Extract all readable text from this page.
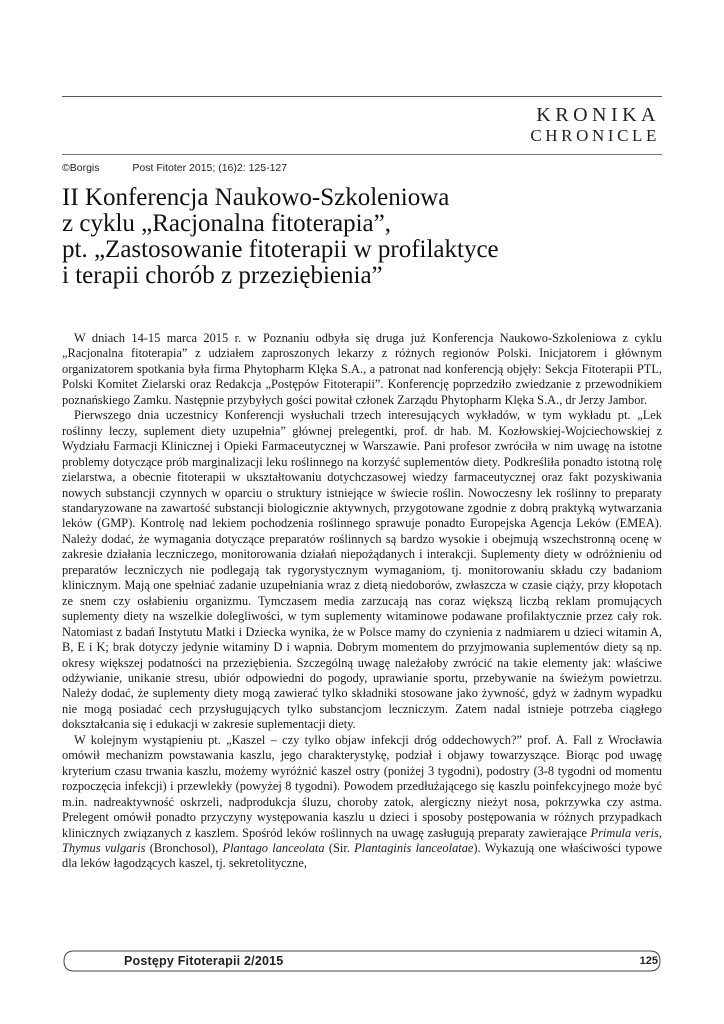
KRONIKA
CHRONICLE
©Borgis	Post Fitoter 2015; (16)2: 125-127
II Konferencja Naukowo-Szkoleniowa
z cyklu „Racjonalna fitoterapia”,
pt. „Zastosowanie fitoterapii w profilaktyce
i terapii chorób z przeziębienia”

W dniach 14-15 marca 2015 r. w Poznaniu odbyła się druga już Konferencja Naukowo-Szkoleniowa z cyklu „Racjonalna fitoterapia” z udziałem zaproszonych lekarzy z różnych regionów Polski. Inicjatorem i głównym organizatorem spotkania była firma Phytopharm Klęka S.A., a patronat nad konferencją objęły: Sekcja Fitoterapii PTL, Polski Komitet Zielarski oraz Redakcja „Postępów Fitoterapii”. Konferencję poprzedziło zwiedzanie z przewodnikiem poznańskiego Zamku. Następnie przybyłych gości powitał członek Zarządu Phytopharm Klęka S.A., dr Jerzy Jambor.

Pierwszego dnia uczestnicy Konferencji wysłuchali trzech interesujących wykładów, w tym wykładu pt. „Lek roślinny leczy, suplement diety uzupełnia” głównej prelegentki, prof. dr hab. M. Kozłowskiej-Wojciechowskiej z Wydziału Farmacji Klinicznej i Opieki Farmaceutycznej w Warszawie. Pani profesor zwróciła w nim uwagę na istotne problemy dotyczące prób marginalizacji leku roślinnego na korzyść suplementów diety. Podkreśliła ponadto istotną rolę zielarstwa, a obecnie fitoterapii w ukształtowaniu dotychczasowej wiedzy farmaceutycznej oraz fakt pozyskiwania nowych substancji czynnych w oparciu o struktury istniejące w świecie roślin. Nowoczesny lek roślinny to preparaty standaryzowane na zawartość substancji biologicznie aktywnych, przygotowane zgodnie z dobrą praktyką wytwarzania leków (GMP). Kontrolę nad lekiem pochodzenia roślinnego sprawuje ponadto Europejska Agencja Leków (EMEA). Należy dodać, że wymagania dotyczące preparatów roślinnych są bardzo wysokie i obejmują wszechstronną ocenę w zakresie działania leczniczego, monitorowania działań niepożądanych i interakcji. Suplementy diety w odróżnieniu od preparatów leczniczych nie podlegają tak rygorystycznym wymaganiom, tj. monitorowaniu składu czy badaniom klinicznym. Mają one spełniać zadanie uzupełniania wraz z dietą niedoborów, zwłaszcza w czasie ciąży, przy kłopotach ze snem czy osłabieniu organizmu. Tymczasem media zarzucają nas coraz większą liczbą reklam promujących suplementy diety na wszelkie dolegliwości, w tym suplementy witaminowe podawane profilaktycznie przez cały rok. Natomiast z badań Instytutu Matki i Dziecka wynika, że w Polsce mamy do czynienia z nadmiarem u dzieci witamin A, B, E i K; brak dotyczy jedynie witaminy D i wapnia. Dobrym momentem do przyjmowania suplementów diety są np. okresy większej podatności na przeziębienia. Szczególną uwagę należałoby zwrócić na takie elementy jak: właściwe odżywianie, unikanie stresu, ubiór odpowiedni do pogody, uprawianie sportu, przebywanie na świeżym powietrzu. Należy dodać, że suplementy diety mogą zawierać tylko składniki stosowane jako żywność, gdyż w żadnym wypadku nie mogą posiadać cech przysługujących tylko substancjom leczniczym. Zatem nadal istnieje potrzeba ciągłego dokształcania się i edukacji w zakresie suplementacji diety.

W kolejnym wystąpieniu pt. „Kaszel – czy tylko objaw infekcji dróg oddechowych?” prof. A. Fall z Wrocławia omówił mechanizm powstawania kaszlu, jego charakterystykę, podział i objawy towarzyszące. Biorąc pod uwagę kryterium czasu trwania kaszlu, możemy wyróżnić kaszel ostry (poniżej 3 tygodni), podostry (3-8 tygodni od momentu rozpoczęcia infekcji) i przewlekły (powyżej 8 tygodni). Powodem przedłużającego się kaszlu poinfekcyjnego może być m.in. nadreaktywność oskrzeli, nadprodukcja śluzu, choroby zatok, alergiczny nieżyt nosa, pokrzywka czy astma. Prelegent omówił ponadto przyczyny występowania kaszlu u dzieci i sposoby postępowania w różnych przypadkach klinicznych związanych z kaszlem. Spośród leków roślinnych na uwagę zasługują preparaty zawierające Primula veris, Thymus vulgaris (Bronchosol), Plantago lanceolata (Sir. Plantaginis lanceolatae). Wykazują one właściwości typowe dla leków łagodzących kaszel, tj. sekretolityczne,

Postępy Fitoterapii 2/2015	125
